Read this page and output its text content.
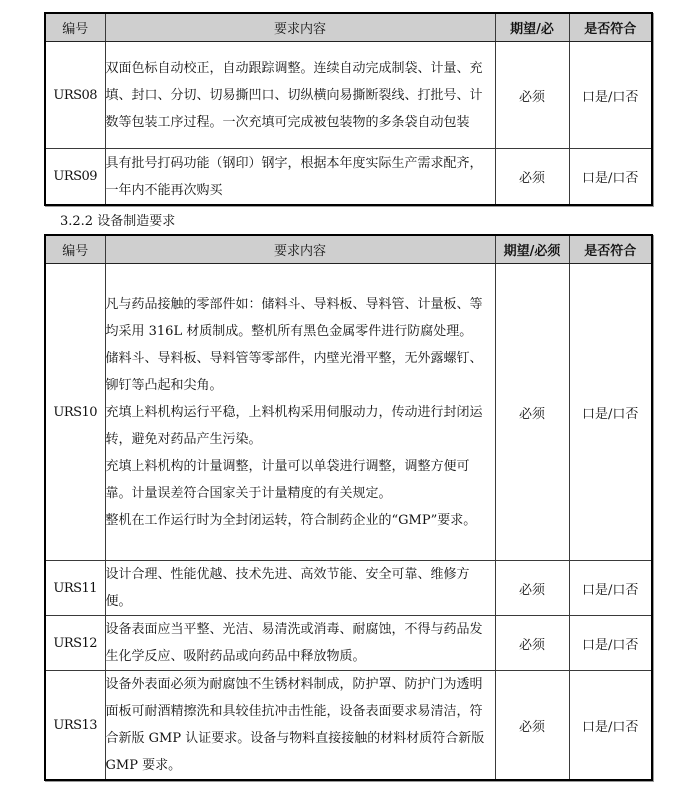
编号	要求内容	期望/必	是否符合
URS08	双面色标自动校正，自动跟踪调整。连续自动完成制袋、计量、充填、封口、分切、切易撕凹口、切纵横向易撕断裂线、打批号、计数等包装工序过程。一次充填可完成被包装物的多条袋自动包装	必须	口是/口否
URS09	具有批号打码功能（钢印）钢字，根据本年度实际生产需求配齐，一年内不能再次购买	必须	口是/口否
3.2.2 设备制造要求
编号	要求内容	期望/必须	是否符合
URS10	凡与药品接触的零部件如：储料斗、导料板、导料管、计量板、等均采用 316L 材质制成。整机所有黑色金属零件进行防腐处理。

储料斗、导料板、导料管等零部件，内壁光滑平整，无外露螺钉、铆钉等凸起和尖角。

充填上料机构运行平稳，上料机构采用伺服动力，传动进行封闭运转，避免对药品产生污染。

充填上料机构的计量调整，计量可以单袋进行调整，调整方便可靠。计量误差符合国家关于计量精度的有关规定。

整机在工作运行时为全封闭运转，符合制药企业的“GMP”要求。	必须	口是/口否
URS11	设计合理、性能优越、技术先进、高效节能、安全可靠、维修方便。	必须	口是/口否
URS12	设备表面应当平整、光洁、易清洗或消毒、耐腐蚀，不得与药品发生化学反应、吸附药品或向药品中释放物质。	必须	口是/口否
URS13	设备外表面必须为耐腐蚀不生锈材料制成，防护罩、防护门为透明面板可耐酒精擦洗和具较佳抗冲击性能，设备表面要求易清洁，符合新版 GMP 认证要求。设备与物料直接接触的材料材质符合新版 GMP 要求。	必须	口是/口否
